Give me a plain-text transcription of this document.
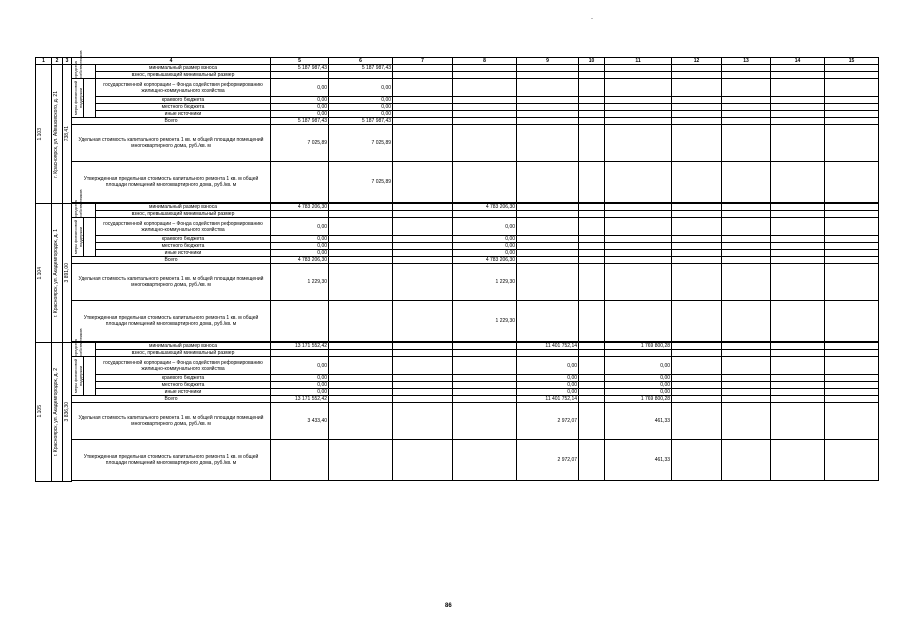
1	2	3	4			5	6	7	8	9	10	11	12	13	14	15

1.103	г. Красноярск, ул. Айвазовского, д. 21	738,41	средства собственников		минимальный размер взноса	5 187 987,43	5 187 987,43									
					взнос, превышающий минимальный размер											

			меры финансовой поддержки		государственной корпорации – Фонда содействия реформированию жилищно-коммунального хозяйства	0,00	0,00									
					краевого бюджета	0,00	0,00									
					местного бюджета	0,00	0,00									
					иные источники	0,00	0,00									
			Всего			5 187 987,43	5 187 987,43									
			Удельная стоимость капитального ремонта 1 кв. м общей площади помещений многоквартирного дома, руб./кв. м			7 025,89	7 025,89									
			Утвержденная предельная стоимость капитального ремонта 1 кв. м общей площади помещений многоквартирного дома, руб./кв. м				7 025,89									

1.104	г. Красноярск, ул. Академгородок, д. 1	3 891,00	средства собственников		минимальный размер взноса	4 783 206,30			4 783 206,30							
					взнос, превышающий минимальный размер											

			меры финансовой поддержки		государственной корпорации – Фонда содействия реформированию жилищно-коммунального хозяйства	0,00			0,00							
					краевого бюджета	0,00			0,00							
					местного бюджета	0,00			0,00							
					иные источники	0,00			0,00							
			Всего			4 783 206,30			4 783 206,30							
			Удельная стоимость капитального ремонта 1 кв. м общей площади помещений многоквартирного дома, руб./кв. м			1 229,30			1 229,30							
			Утвержденная предельная стоимость капитального ремонта 1 кв. м общей площади помещений многоквартирного дома, руб./кв. м						1 229,30							

1.105	г. Красноярск, ул. Академгородок, д. 2	3 836,30	средства собственников		минимальный размер взноса	13 171 552,42				11 401 752,14		1 769 800,28				
					взнос, превышающий минимальный размер											

			меры финансовой поддержки		государственной корпорации – Фонда содействия реформированию жилищно-коммунального хозяйства	0,00				0,00		0,00				
					краевого бюджета	0,00				0,00		0,00				
					местного бюджета	0,00				0,00		0,00				
					иные источники	0,00				0,00		0,00				
			Всего			13 171 552,42				11 401 752,14		1 769 800,28				
			Удельная стоимость капитального ремонта 1 кв. м общей площади помещений многоквартирного дома, руб./кв. м			3 433,40				2 972,07		461,33				
			Утвержденная предельная стоимость капитального ремонта 1 кв. м общей площади помещений многоквартирного дома, руб./кв. м							2 972,07		461,33				

-
86
